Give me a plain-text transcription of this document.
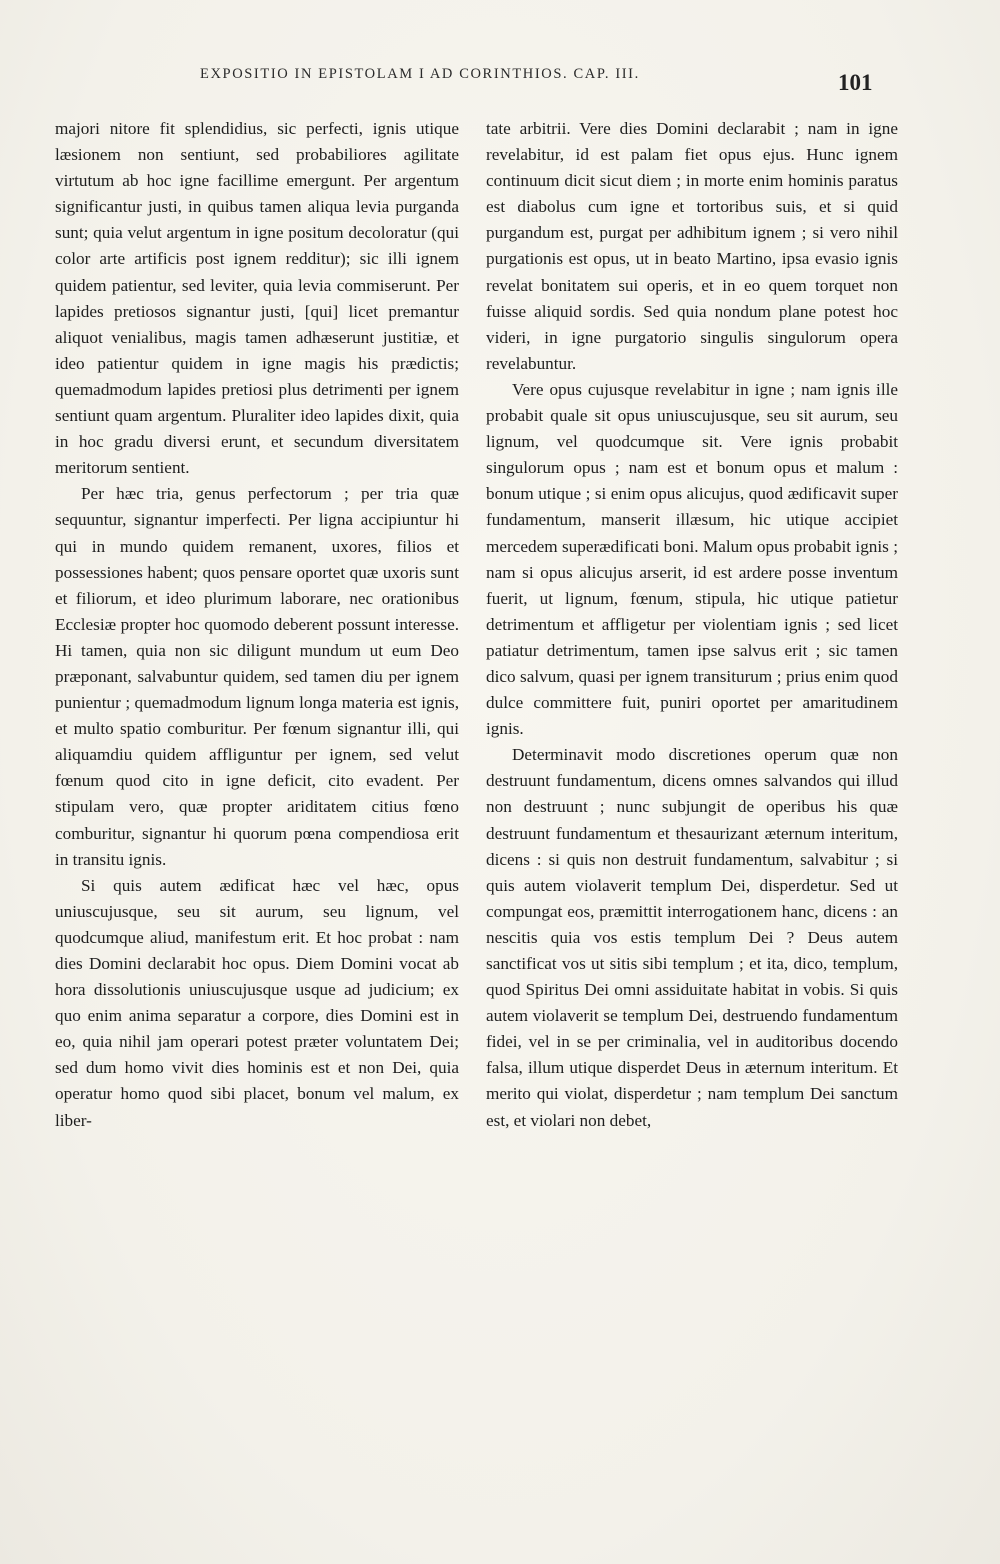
EXPOSITIO IN EPISTOLAM I AD CORINTHIOS. CAP. III.	101

majori nitore fit splendidius, sic perfecti, ignis utique læsionem non sentiunt, sed probabiliores agilitate virtutum ab hoc igne facillime emergunt. Per argentum significantur justi, in quibus tamen aliqua levia purganda sunt; quia velut argentum in igne positum decoloratur (qui color arte artificis post ignem redditur); sic illi ignem quidem patientur, sed leviter, quia levia commiserunt. Per lapides pretiosos signantur justi, [qui] licet premantur aliquot venialibus, magis tamen adhæserunt justitiæ, et ideo patientur quidem in igne magis his prædictis; quemadmodum lapides pretiosi plus detrimenti per ignem sentiunt quam argentum. Pluraliter ideo lapides dixit, quia in hoc gradu diversi erunt, et secundum diversitatem meritorum sentient.

Per hæc tria, genus perfectorum ; per tria quæ sequuntur, signantur imperfecti. Per ligna accipiuntur hi qui in mundo quidem remanent, uxores, filios et possessiones habent; quos pensare oportet quæ uxoris sunt et filiorum, et ideo plurimum laborare, nec orationibus Ecclesiæ propter hoc quomodo deberent possunt interesse. Hi tamen, quia non sic diligunt mundum ut eum Deo præponant, salvabuntur quidem, sed tamen diu per ignem punientur ; quemadmodum lignum longa materia est ignis, et multo spatio comburitur. Per fœnum signantur illi, qui aliquamdiu quidem affliguntur per ignem, sed velut fœnum quod cito in igne deficit, cito evadent. Per stipulam vero, quæ propter ariditatem citius fœno comburitur, signantur hi quorum pœna compendiosa erit in transitu ignis.

Si quis autem ædificat hæc vel hæc, opus uniuscujusque, seu sit aurum, seu lignum, vel quodcumque aliud, manifestum erit. Et hoc probat : nam dies Domini declarabit hoc opus. Diem Domini vocat ab hora dissolutionis uniuscujusque usque ad judicium; ex quo enim anima separatur a corpore, dies Domini est in eo, quia nihil jam operari potest præter voluntatem Dei; sed dum homo vivit dies hominis est et non Dei, quia operatur homo quod sibi placet, bonum vel malum, ex liber-

tate arbitrii. Vere dies Domini declarabit ; nam in igne revelabitur, id est palam fiet opus ejus. Hunc ignem continuum dicit sicut diem ; in morte enim hominis paratus est diabolus cum igne et tortoribus suis, et si quid purgandum est, purgat per adhibitum ignem ; si vero nihil purgationis est opus, ut in beato Martino, ipsa evasio ignis revelat bonitatem sui operis, et in eo quem torquet non fuisse aliquid sordis. Sed quia nondum plane potest hoc videri, in igne purgatorio singulis singulorum opera revelabuntur.

Vere opus cujusque revelabitur in igne ; nam ignis ille probabit quale sit opus uniuscujusque, seu sit aurum, seu lignum, vel quodcumque sit. Vere ignis probabit singulorum opus ; nam est et bonum opus et malum : bonum utique ; si enim opus alicujus, quod ædificavit super fundamentum, manserit illæsum, hic utique accipiet mercedem superædificati boni. Malum opus probabit ignis ; nam si opus alicujus arserit, id est ardere posse inventum fuerit, ut lignum, fœnum, stipula, hic utique patietur detrimentum et affligetur per violentiam ignis ; sed licet patiatur detrimentum, tamen ipse salvus erit ; sic tamen dico salvum, quasi per ignem transiturum ; prius enim quod dulce committere fuit, puniri oportet per amaritudinem ignis.

Determinavit modo discretiones operum quæ non destruunt fundamentum, dicens omnes salvandos qui illud non destruunt ; nunc subjungit de operibus his quæ destruunt fundamentum et thesaurizant æternum interitum, dicens : si quis non destruit fundamentum, salvabitur ; si quis autem violaverit templum Dei, disperdetur. Sed ut compungat eos, præmittit interrogationem hanc, dicens : an nescitis quia vos estis templum Dei ? Deus autem sanctificat vos ut sitis sibi templum ; et ita, dico, templum, quod Spiritus Dei omni assiduitate habitat in vobis. Si quis autem violaverit se templum Dei, destruendo fundamentum fidei, vel in se per criminalia, vel in auditoribus docendo falsa, illum utique disperdet Deus in æternum interitum. Et merito qui violat, disperdetur ; nam templum Dei sanctum est, et violari non debet,
